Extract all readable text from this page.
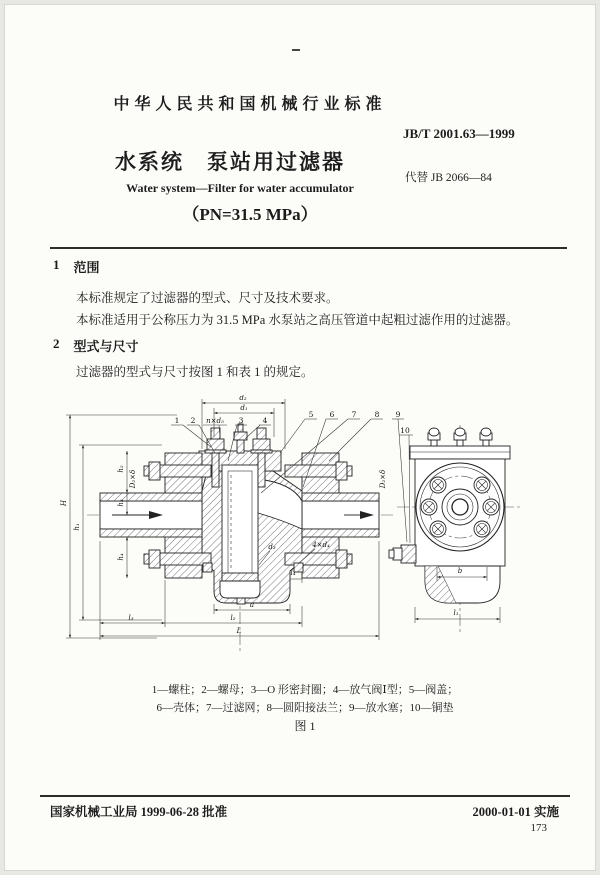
中华人民共和国机械行业标准
JB/T 2001.63—1999
水系统　泵站用过滤器
代替 JB 2066—84
Water system—Filter for water accumulator
（PN=31.5 MPa）
1 范围
本标准规定了过滤器的型式、尺寸及技术要求。
本标准适用于公称压力为 31.5 MPa 水泵站之高压管道中起粗过滤作用的过滤器。
2 型式与尺寸
过滤器的型式与尺寸按图 1 和表 1 的规定。
1 2 n×d₅ 3	4
d₁
d₂
5 6 7 8 9
10
H
h₁
h₂
h₃
h₄
D₂×δ	D₂×δ
4×d₄
l₄
d₃
a
l₃	l₂
L
b
l₁
1—螺柱；2—螺母；3—O 形密封圈；4—放气阀Ⅰ型；5—阀盖；
6—壳体；7—过滤网；8—圆阳接法兰；9—放水塞；10—铜垫
图 1
国家机械工业局 1999-06-28 批准	2000-01-01 实施
173
